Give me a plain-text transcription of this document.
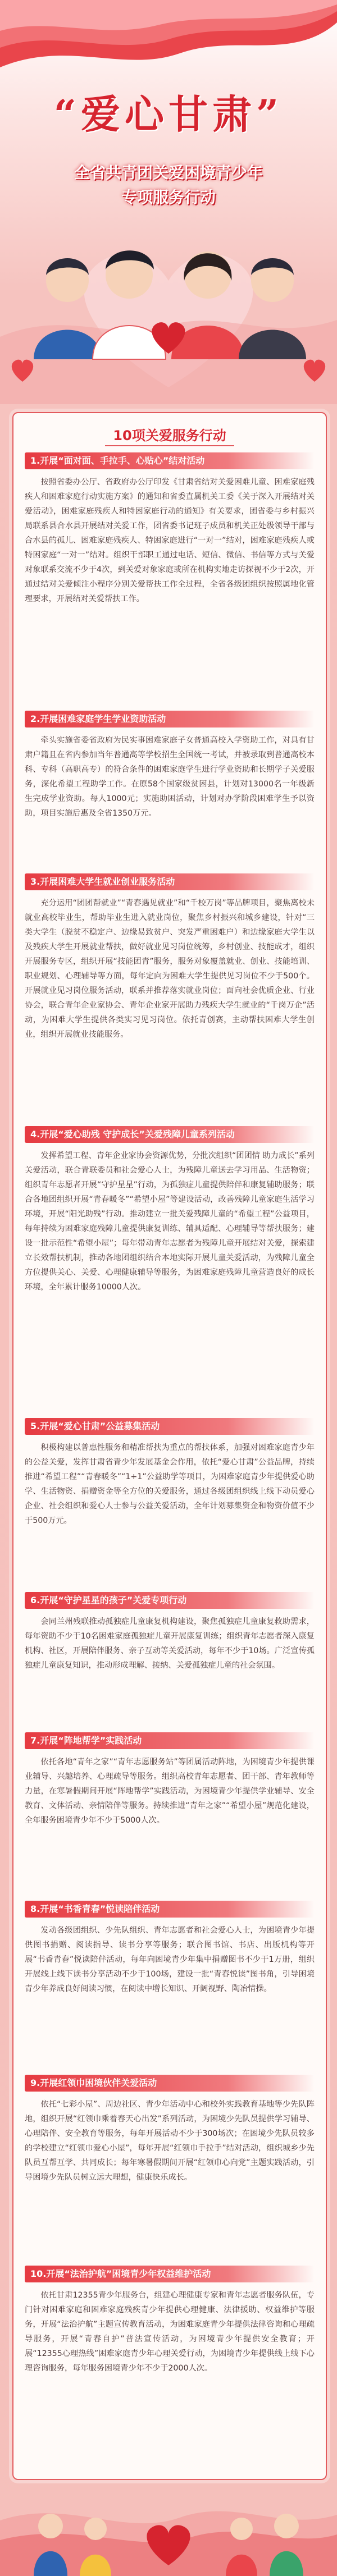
“爱心甘肃”
全省共青团关爱困境青少年
专项服务行动
10项关爱服务行动
1.开展“面对面、手拉手、心贴心”结对活动
按照省委办公厅、省政府办公厅印发《甘肃省结对关爱困难儿童、困难家庭残疾人和困难家庭行动实施方案》的通知和省委直属机关工委《关于深入开展结对关爱活动》，困难家庭残疾人和特困家庭行动的通知》有关要求，团省委与乡村振兴局联系县合水县开展结对关爱工作，团省委书记班子成员和机关正处级领导干部与合水县的孤儿、困难家庭残疾人、特困家庭进行“一对一”结对，困难家庭残疾人或特困家庭“一对一”结对。组织干部职工通过电话、短信、微信、书信等方式与关爱对象联系交流不少于4次，到关爱对象家庭或所在机构实地走访探视不少于2次，开通过结对关爱倾注小程序分别关爱帮扶工作全过程，全省各级团组织按照属地化管理要求，开展结对关爱帮扶工作。
2.开展困难家庭学生学业资助活动
牵头实施省委省政府为民实事困难家庭子女普通高校入学资助工作，对具有甘肃户籍且在省内参加当年普通高等学校招生全国统一考试，并被录取到普通高校本科、专科（高职高专）的符合条件的困难家庭学生进行学业资助和长期学子关爱服务，深化希望工程助学工作。在原58个国家级贫困县，计划对13000名一年级新生完成学业资助。每人1000元；实施助困活动，计划对办学阶段困难学生予以资助，项目实施后惠及全省1350万元。
3.开展困难大学生就业创业服务活动
充分运用“团团帮就业”“青春遇见就业”和“千校万岗”等品牌项目，聚焦离校未就业高校毕业生，帮助毕业生进入就业岗位，聚焦乡村振兴和城乡建设，针对“三类大学生（脱贫不稳定户、边缘易致贫户、突发严重困难户）和边缘家庭大学生以及残疾大学生开展就业帮扶，做好就业见习岗位统筹，乡村创业、技能成才，组织开展服务专区，组织开展“技能团青”服务，服务对象覆盖就业、创业、技能培训、职业规划、心理辅导等方面，每年定向为困难大学生提供见习岗位不少于500个。开展就业见习岗位服务活动，联系并推荐落实就业岗位；面向社会优质企业、行业协会，联合青年企业家协会、青年企业家开展助力残疾大学生就业的“千岗万企”活动，为困难大学生提供各类实习见习岗位。依托青创赛，主动帮扶困难大学生创业，组织开展就业技能服务。
4.开展“爱心助残 守护成长”关爱残障儿童系列活动
发挥希望工程、青年企业家协会资源优势，分批次组织“团团情 助力成长”系列关爱活动，联合青联委员和社会爱心人士，为残障儿童送去学习用品、生活物资；组织青年志愿者开展“守护星星”行动，为孤独症儿童提供陪伴和康复辅助服务；联合各地团组织开展“青春暖冬”“希望小屋”等建设活动，改善残障儿童家庭生活学习环境，开展“阳光助残”行动。推动建立一批关爱残障儿童的“希望工程”公益项目，每年持续为困难家庭残障儿童提供康复训练、辅具适配、心理辅导等帮扶服务；建设一批示范性“希望小屋”；每年带动青年志愿者为残障儿童开展结对关爱，探索建立长效帮扶机制，推动各地团组织结合本地实际开展儿童关爱活动，为残障儿童全方位提供关心、关爱、心理健康辅导等服务，为困难家庭残障儿童营造良好的成长环境，全年累计服务10000人次。
5.开展“爱心甘肃”公益募集活动
积极构建以普惠性服务和精准帮扶为重点的帮扶体系，加强对困难家庭青少年的公益关爱，发挥甘肃省青少年发展基金会作用，依托“爱心甘肃”公益品牌，持续推进“希望工程”“青春暖冬”“1+1”公益助学等项目，为困难家庭青少年提供爱心助学、生活物资、捐赠资金等全方位的关爱服务，通过各级团组织线上线下动员爱心企业、社会组织和爱心人士参与公益关爱活动，全年计划募集资金和物资价值不少于500万元。
6.开展“守护星星的孩子”关爱专项行动
会同兰州残联推动孤独症儿童康复机构建设，聚焦孤独症儿童康复救助需求，每年资助不少于10名困难家庭孤独症儿童开展康复训练；组织青年志愿者深入康复机构、社区，开展陪伴服务、亲子互动等关爱活动，每年不少于10场。广泛宣传孤独症儿童康复知识，推动形成理解、接纳、关爱孤独症儿童的社会氛围。
7.开展“阵地帮学”实践活动
依托各地“青年之家”“青年志愿服务站”等团属活动阵地，为困境青少年提供课业辅导、兴趣培养、心理疏导等服务。组织高校青年志愿者、团干部、青年教师等力量，在寒暑假期间开展“阵地帮学”实践活动，为困境青少年提供学业辅导、安全教育、文体活动、亲情陪伴等服务。持续推进“青年之家”“希望小屋”规范化建设，全年服务困境青少年不少于5000人次。
8.开展“书香青春”悦读陪伴活动
发动各级团组织、少先队组织、青年志愿者和社会爱心人士，为困境青少年提供图书捐赠、阅读指导、读书分享等服务；联合图书馆、书店、出版机构等开展“书香青春”悦读陪伴活动，每年向困境青少年集中捐赠图书不少于1万册，组织开展线上线下读书分享活动不少于100场，建设一批“青春悦读”图书角，引导困境青少年养成良好阅读习惯，在阅读中增长知识、开阔视野、陶冶情操。
9.开展红领巾困境伙伴关爱活动
依托“七彩小屋”、周边社区、青少年活动中心和校外实践教育基地等少先队阵地，组织开展“红领巾乘着春天心出发”系列活动，为困境少先队员提供学习辅导、心理陪伴、安全教育等服务，每年开展活动不少于300场次；在困境少先队员较多的学校建立“红领巾爱心小屋”，每年开展“红领巾手拉手”结对活动，组织城乡少先队员互帮互学、共同成长；每年寒暑假期间开展“红领巾心向党”主题实践活动，引导困境少先队员树立远大理想，健康快乐成长。
10.开展“法治护航”困境青少年权益维护活动
依托甘肃12355青少年服务台，组建心理健康专家和青年志愿者服务队伍，专门针对困难家庭和困难家庭残疾青少年提供心理健康、法律援助、权益维护等服务，开展“法治护航”主题宣传教育活动，为困难家庭青少年提供法律咨询和心理疏导服务，开展“青春自护”普法宣传活动，为困境青少年提供安全教育；开展“12355心理热线”困难家庭青少年心理关爱行动，为困境青少年提供线上线下心理咨询服务，每年服务困境青少年不少于2000人次。
